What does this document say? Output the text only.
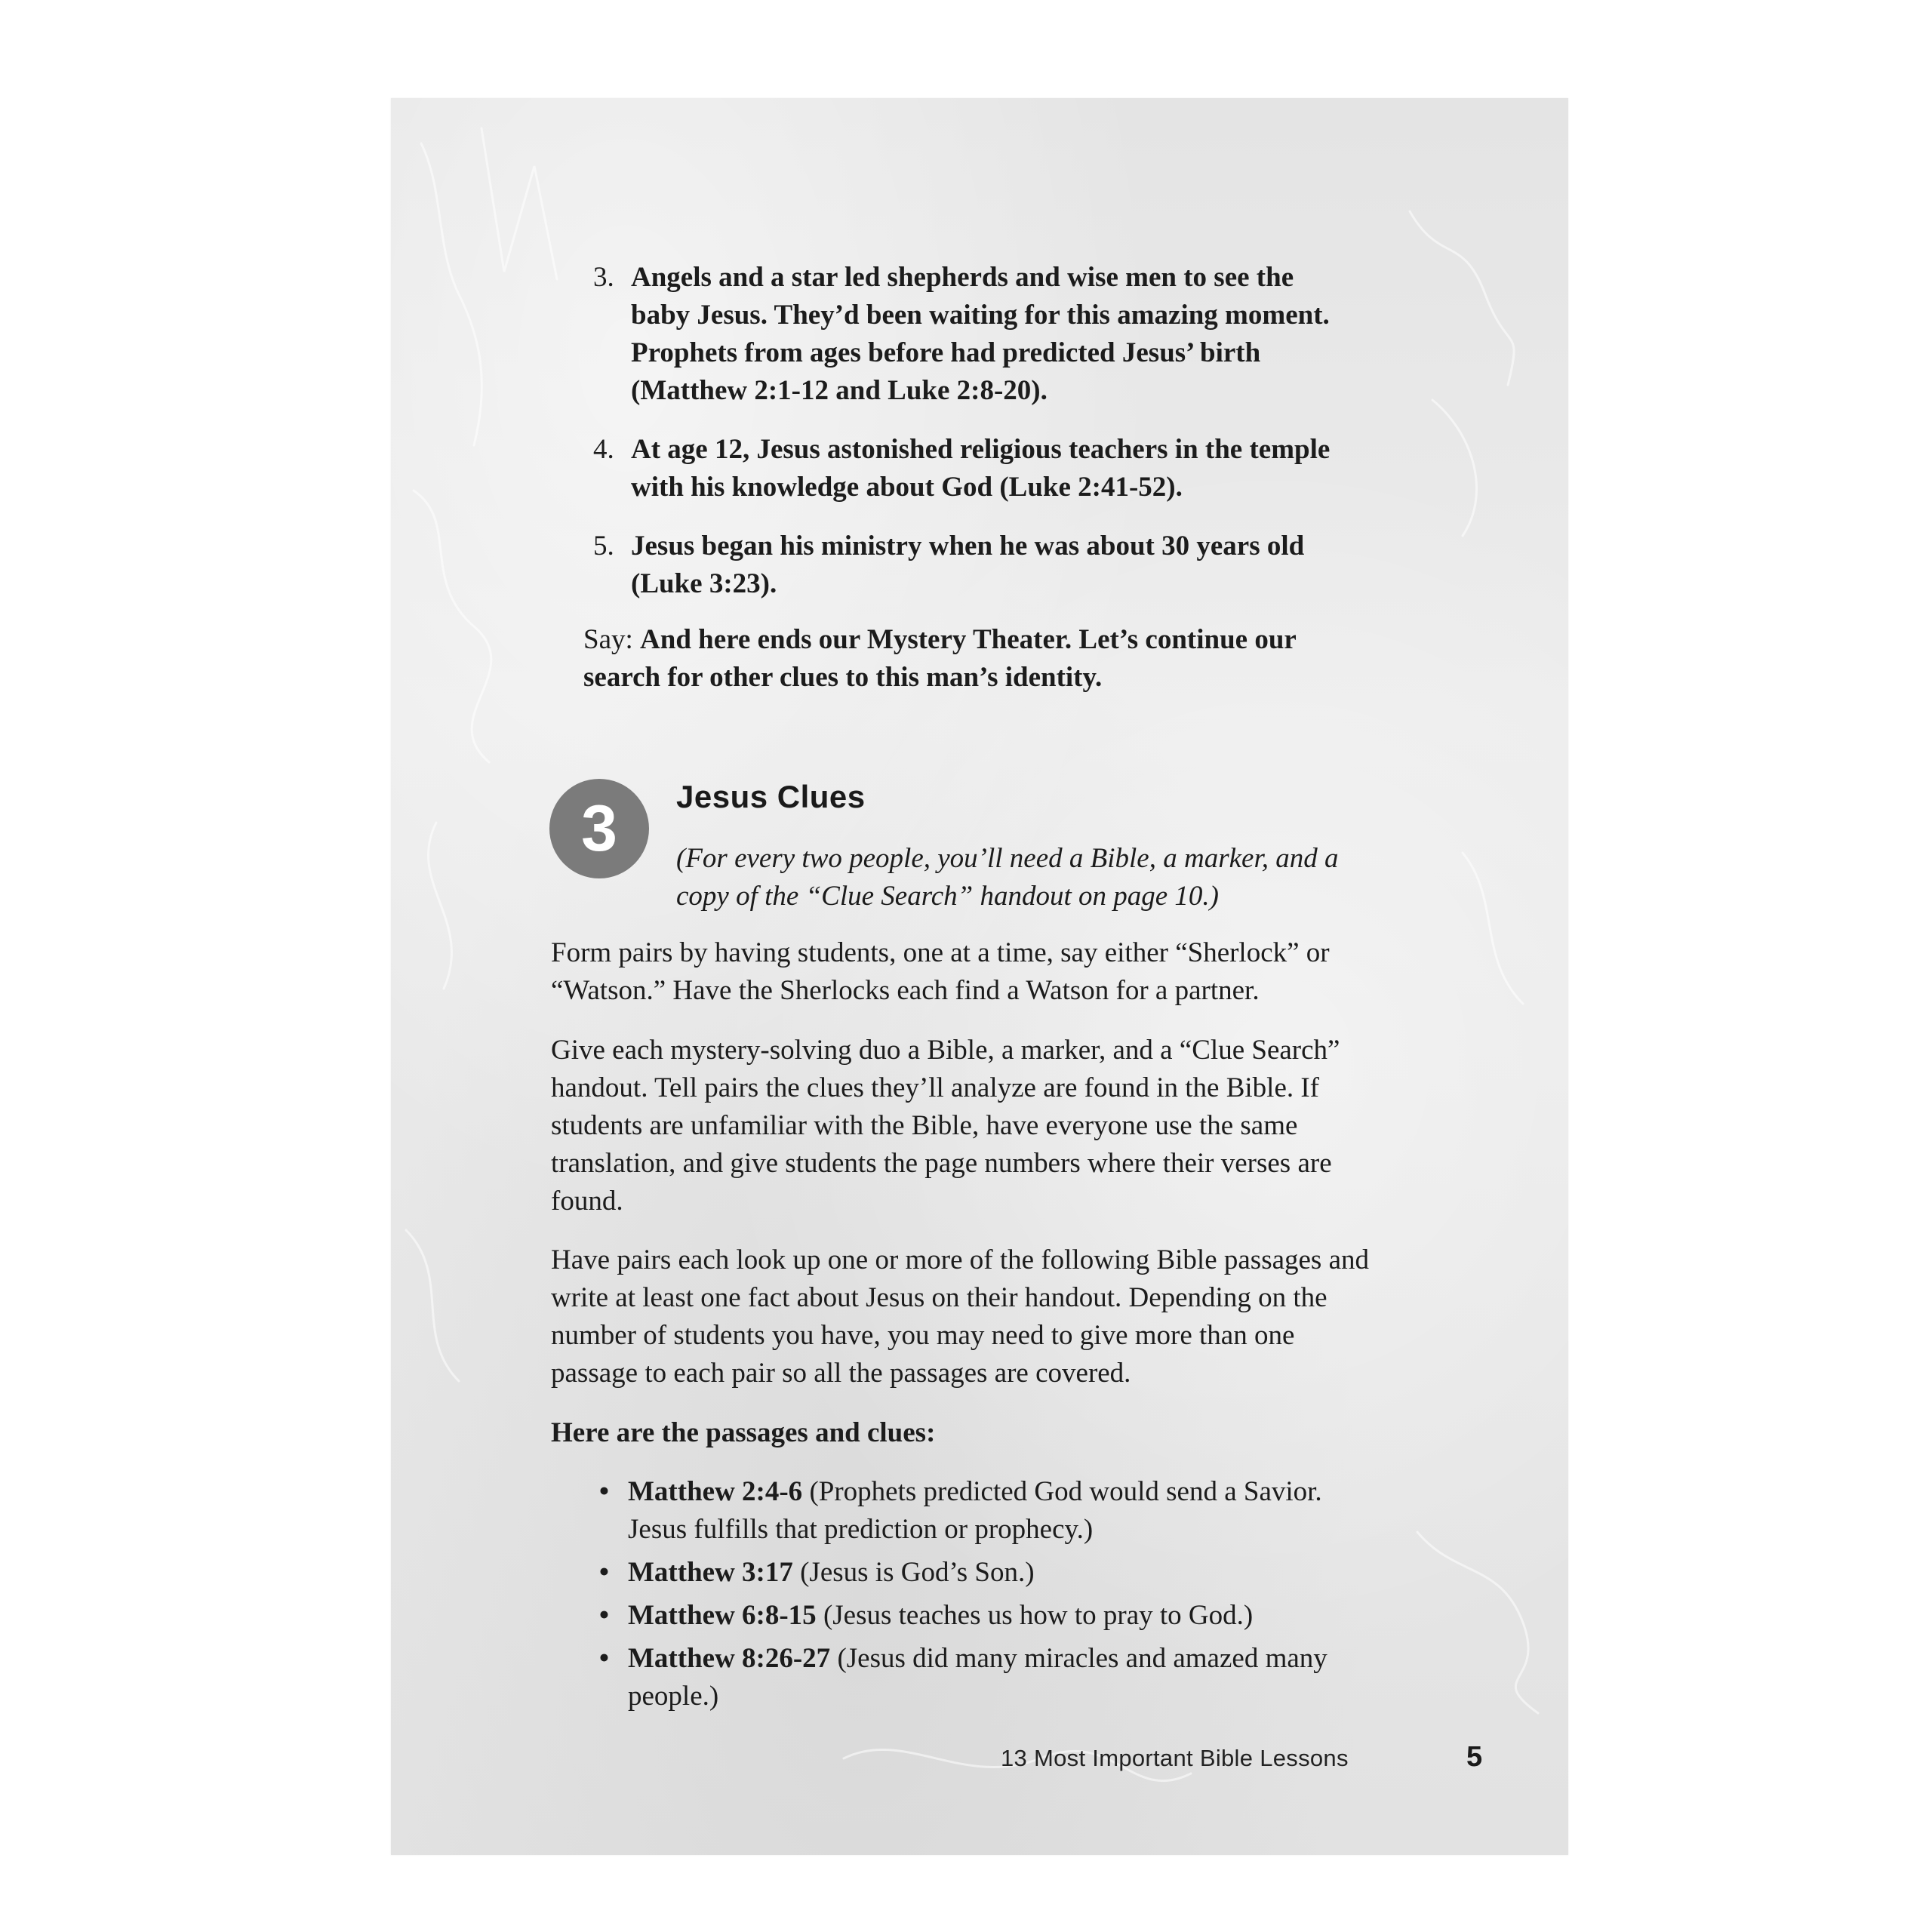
3. Angels and a star led shepherds and wise men to see the baby Jesus. They’d been waiting for this amazing moment. Prophets from ages before had predicted Jesus’ birth (Matthew 2:1-12 and Luke 2:8-20).
4. At age 12, Jesus astonished religious teachers in the temple with his knowledge about God (Luke 2:41-52).
5. Jesus began his ministry when he was about 30 years old (Luke 3:23).

Say: And here ends our Mystery Theater. Let’s continue our search for other clues to this man’s identity.

3	Jesus Clues

(For every two people, you’ll need a Bible, a marker, and a copy of the “Clue Search” handout on page 10.)

Form pairs by having students, one at a time, say either “Sherlock” or “Watson.” Have the Sherlocks each find a Watson for a partner.

Give each mystery-solving duo a Bible, a marker, and a “Clue Search” handout. Tell pairs the clues they’ll analyze are found in the Bible. If students are unfamiliar with the Bible, have everyone use the same translation, and give students the page numbers where their verses are found.

Have pairs each look up one or more of the following Bible passages and write at least one fact about Jesus on their handout. Depending on the number of students you have, you may need to give more than one passage to each pair so all the passages are covered.

Here are the passages and clues:

• Matthew 2:4-6 (Prophets predicted God would send a Savior. Jesus fulfills that prediction or prophecy.)
• Matthew 3:17 (Jesus is God’s Son.)
• Matthew 6:8-15 (Jesus teaches us how to pray to God.)
• Matthew 8:26-27 (Jesus did many miracles and amazed many people.)

13 Most Important Bible Lessons	5
